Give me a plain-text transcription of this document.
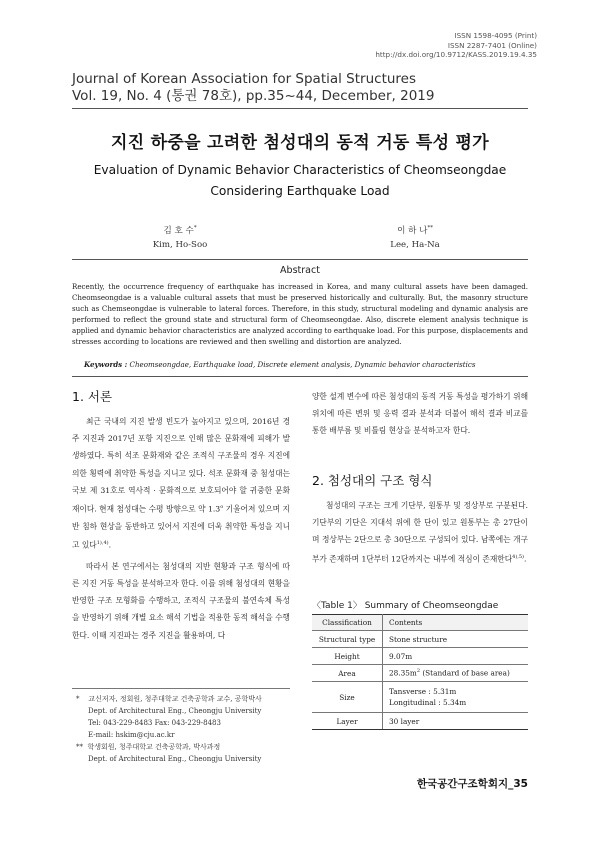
ISSN 1598-4095 (Print)
ISSN 2287-7401 (Online)
http://dx.doi.org/10.9712/KASS.2019.19.4.35
Journal of Korean Association for Spatial Structures
Vol. 19, No. 4 (통권 78호), pp.35~44, December, 2019
지진 하중을 고려한 첨성대의 동적 거동 특성 평가
Evaluation of Dynamic Behavior Characteristics of Cheomseongdae
Considering Earthquake Load
김 호 수*
Kim, Ho-Soo
이 하 나**
Lee, Ha-Na
Abstract
Recently, the occurrence frequency of earthquake has increased in Korea, and many cultural assets have been damaged. Cheomseongdae is a valuable cultural assets that must be preserved historically and culturally. But, the masonry structure such as Chemseongdae is vulnerable to lateral forces. Therefore, in this study, structural modeling and dynamic analysis are performed to reflect the ground state and structural form of Cheomseongdae. Also, discrete element analysis technique is applied and dynamic behavior characteristics are analyzed according to earthquake load. For this purpose, displacements and stresses according to locations are reviewed and then swelling and distortion are analyzed.
Keywords : Cheomseongdae, Earthquake load, Discrete element analysis, Dynamic behavior characteristics
1. 서론

최근 국내의 지진 발생 빈도가 높아지고 있으며, 2016년 경주 지진과 2017년 포항 지진으로 인해 많은 문화재에 피해가 발생하였다. 특히 석조 문화재와 같은 조적식 구조물의 경우 지진에 의한 횡력에 취약한 특성을 지니고 있다. 석조 문화재 중 첨성대는 국보 제 31호로 역사적 · 문화적으로 보호되어야 할 귀중한 문화재이다. 현재 첨성대는 수평 방향으로 약 1.3$^o$ 기울어져 있으며 지반 침하 현상을 동반하고 있어서 지진에 더욱 취약한 특성을 지니고 있다$^{1),4)}$.

따라서 본 연구에서는 첨성대의 지반 현황과 구조 형식에 따른 지진 거동 특성을 분석하고자 한다. 이를 위해 첨성대의 현황을 반영한 구조 모형화를 수행하고, 조적식 구조물의 불연속체 특성을 반영하기 위해 개별 요소 해석 기법을 적용한 동적 해석을 수행한다. 이때 지진파는 경주 지진을 활용하며, 다

* 교신저자, 정회원, 청주대학교 건축공학과 교수, 공학박사
Dept. of Architectural Eng., Cheongju University
Tel: 043-229-8483 Fax: 043-229-8483
E-mail: hskim@cju.ac.kr
** 학생회원, 청주대학교 건축공학과, 박사과정
Dept. of Architectural Eng., Cheongju University
양한 설계 변수에 따른 첨성대의 동적 거동 특성을 평가하기 위해 위치에 따른 변위 및 응력 결과 분석과 더불어 해석 결과 비교를 통한 배부름 및 비틀림 현상을 분석하고자 한다.
2. 첨성대의 구조 형식

첨성대의 구조는 크게 기단부, 원통부 및 정상부로 구분된다. 기단부의 기단은 지대석 위에 한 단이 있고 원통부는 총 27단이며 정상부는 2단으로 총 30단으로 구성되어 있다. 남쪽에는 개구부가 존재하며 1단부터 12단까지는 내부에 적심이 존재한다$^{4),5)}$.

〈Table 1〉 Summary of Cheomseongdae
Classification	Contents
Structural type	Stone structure
Height	9.07m
Area	$28.35m^2$ (Standard of base area)
Size	Tansverse : 5.31m
Longitudinal : 5.34m

Layer	30 layer
한국공간구조학회지_35
